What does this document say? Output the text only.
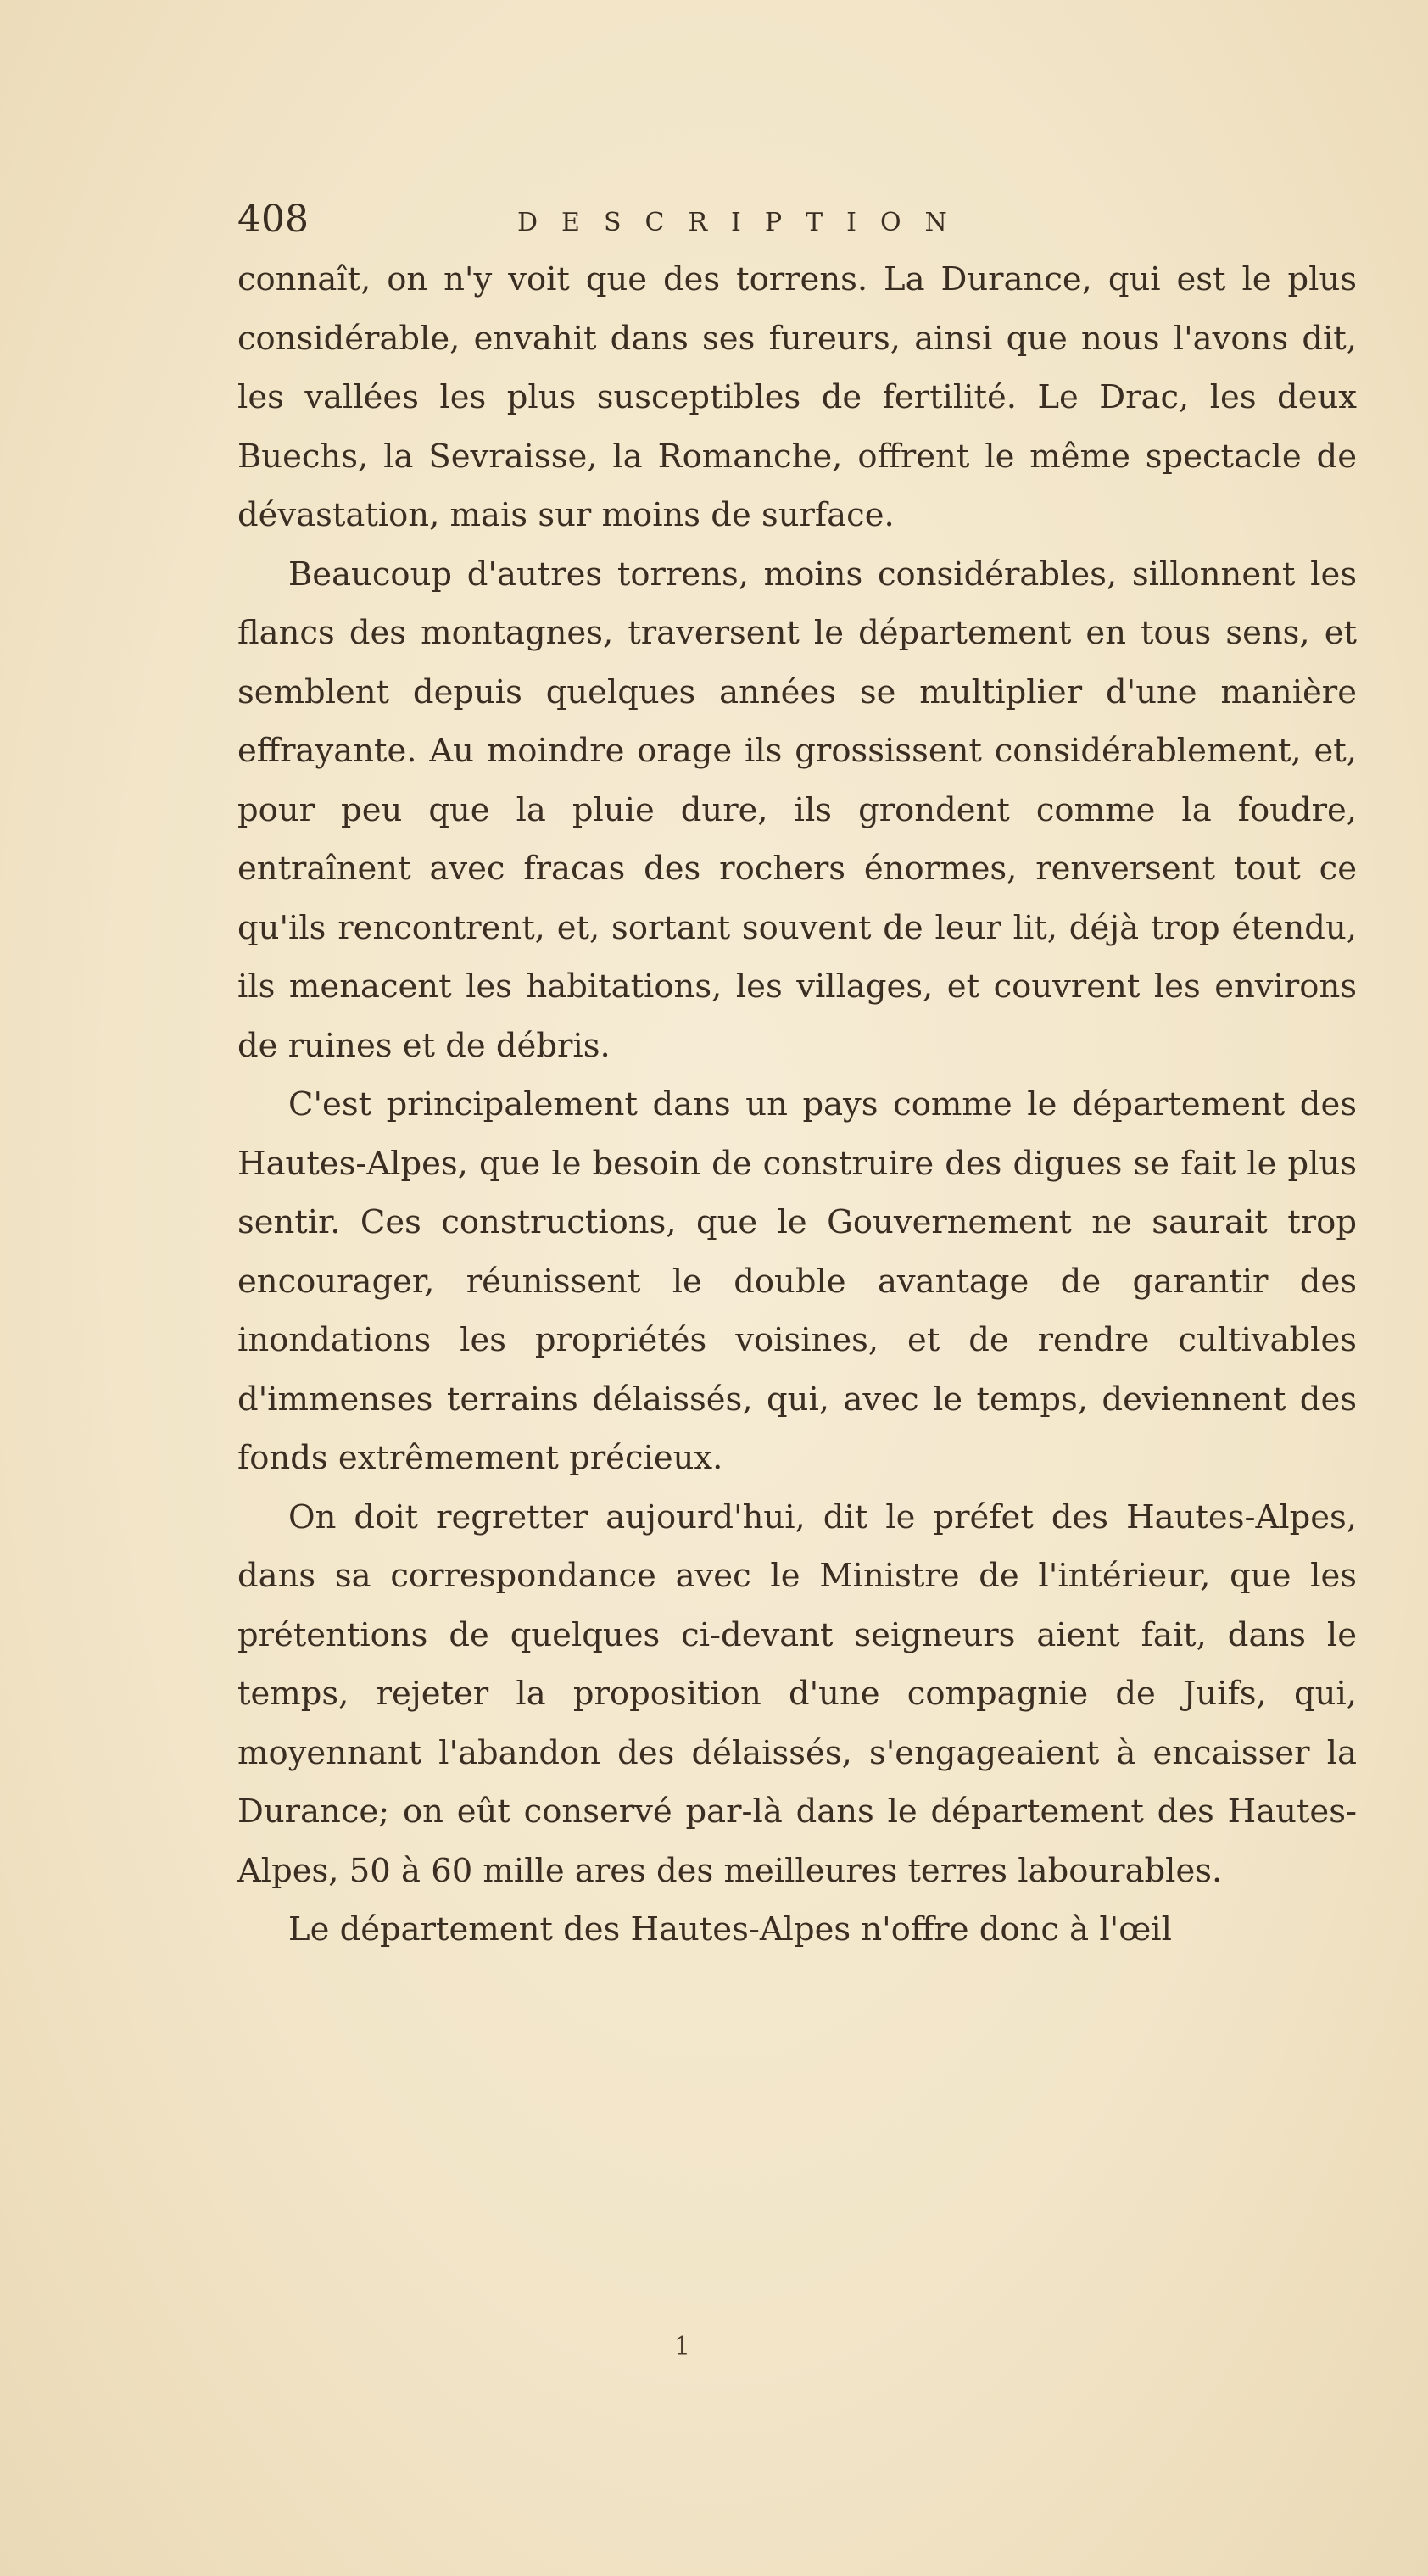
408	DESCRIPTION

connaît, on n'y voit que des torrens. La Durance, qui est le plus considérable, envahit dans ses fureurs, ainsi que nous l'avons dit, les vallées les plus susceptibles de fertilité. Le Drac, les deux Buechs, la Sevraisse, la Romanche, offrent le même spectacle de dévastation, mais sur moins de surface.

Beaucoup d'autres torrens, moins considérables, sillonnent les flancs des montagnes, traversent le département en tous sens, et semblent depuis quelques années se multiplier d'une manière effrayante. Au moindre orage ils grossissent considérablement, et, pour peu que la pluie dure, ils grondent comme la foudre, entraînent avec fracas des rochers énormes, renversent tout ce qu'ils rencontrent, et, sortant souvent de leur lit, déjà trop étendu, ils menacent les habitations, les villages, et couvrent les environs de ruines et de débris.

C'est principalement dans un pays comme le département des Hautes-Alpes, que le besoin de construire des digues se fait le plus sentir. Ces constructions, que le Gouvernement ne saurait trop encourager, réunissent le double avantage de garantir des inondations les propriétés voisines, et de rendre cultivables d'immenses terrains délaissés, qui, avec le temps, deviennent des fonds extrêmement précieux.

On doit regretter aujourd'hui, dit le préfet des Hautes-Alpes, dans sa correspondance avec le Ministre de l'intérieur, que les prétentions de quelques ci-devant seigneurs aient fait, dans le temps, rejeter la proposition d'une compagnie de Juifs, qui, moyennant l'abandon des délaissés, s'engageaient à encaisser la Durance; on eût conservé par-là dans le département des Hautes-Alpes, 50 à 60 mille ares des meilleures terres labourables.

Le département des Hautes-Alpes n'offre donc à l'œil

1
